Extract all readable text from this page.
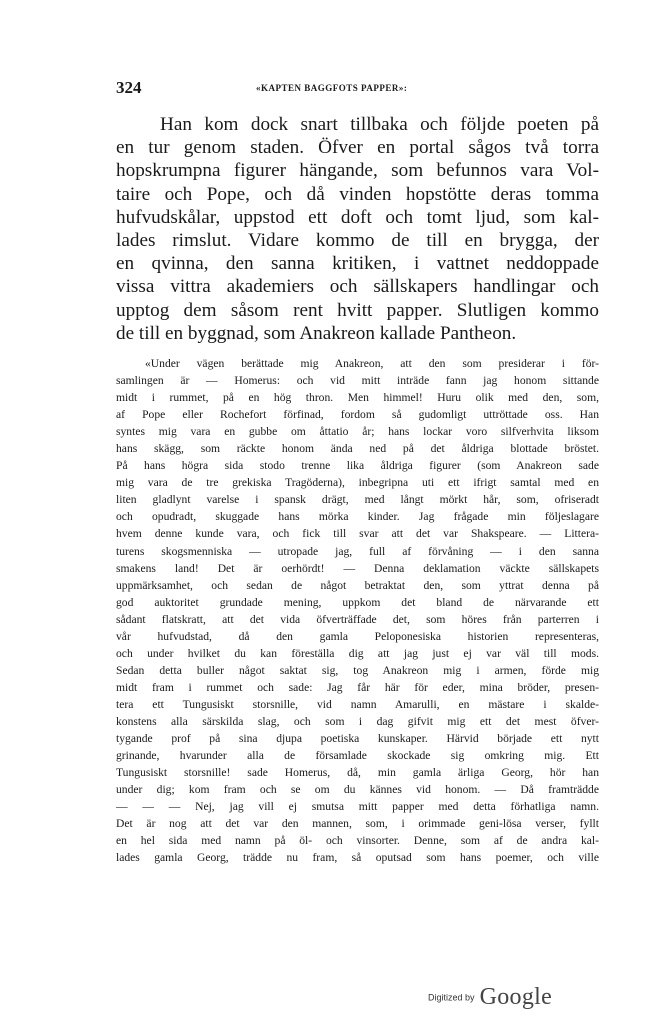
324	«KAPTEN BAGGFOTS PAPPER»:
Han kom dock snart tillbaka och följde poeten på
en tur genom staden. Öfver en portal sågos två torra
hopskrumpna figurer hängande, som befunnos vara Vol-
taire och Pope, och då vinden hopstötte deras tomma
hufvudskålar, uppstod ett doft och tomt ljud, som kal-
lades rimslut. Vidare kommo de till en brygga, der
en qvinna, den sanna kritiken, i vattnet neddoppade
vissa vittra akademiers och sällskapers handlingar och
upptog dem såsom rent hvitt papper. Slutligen kommo
de till en byggnad, som Anakreon kallade Pantheon.
«Under vägen berättade mig Anakreon, att den som presiderar i för-
samlingen är — Homerus: och vid mitt inträde fann jag honom sittande
midt i rummet, på en hög thron. Men himmel! Huru olik med den, som,
af Pope eller Rochefort förfinad, fordom så gudomligt uttröttade oss. Han
syntes mig vara en gubbe om åttatio år; hans lockar voro silfverhvita liksom
hans skägg, som räckte honom ända ned på det åldriga blottade bröstet.
På hans högra sida stodo trenne lika åldriga figurer (som Anakreon sade
mig vara de tre grekiska Tragöderna), inbegripna uti ett ifrigt samtal med en
liten gladlynt varelse i spansk drägt, med långt mörkt hår, som, ofriseradt
och opudradt, skuggade hans mörka kinder. Jag frågade min följeslagare
hvem denne kunde vara, och fick till svar att det var Shakspeare. — Littera-
turens skogsmenniska — utropade jag, full af förvåning — i den sanna
smakens land! Det är oerhördt! — Denna deklamation väckte sällskapets
uppmärksamhet, och sedan de något betraktat den, som yttrat denna på
god auktoritet grundade mening, uppkom det bland de närvarande ett
sådant flatskratt, att det vida öfverträffade det, som höres från parterren i
vår hufvudstad, då den gamla Peloponesiska historien representeras,
och under hvilket du kan föreställa dig att jag just ej var väl till mods.
Sedan detta buller något saktat sig, tog Anakreon mig i armen, förde mig
midt fram i rummet och sade: Jag får här för eder, mina bröder, presen-
tera ett Tungusiskt storsnille, vid namn Amarulli, en mästare i skalde-
konstens alla särskilda slag, och som i dag gifvit mig ett det mest öfver-
tygande prof på sina djupa poetiska kunskaper. Härvid började ett nytt
grinande, hvarunder alla de församlade skockade sig omkring mig. Ett
Tungusiskt storsnille! sade Homerus, då, min gamla ärliga Georg, hör han
under dig; kom fram och se om du kännes vid honom. — Då framträdde
— — — Nej, jag vill ej smutsa mitt papper med detta förhatliga namn.
Det är nog att det var den mannen, som, i orimmade geni-lösa verser, fyllt
en hel sida med namn på öl- och vinsorter. Denne, som af de andra kal-
lades gamla Georg, trädde nu fram, så oputsad som hans poemer, och ville
Digitized by Google
